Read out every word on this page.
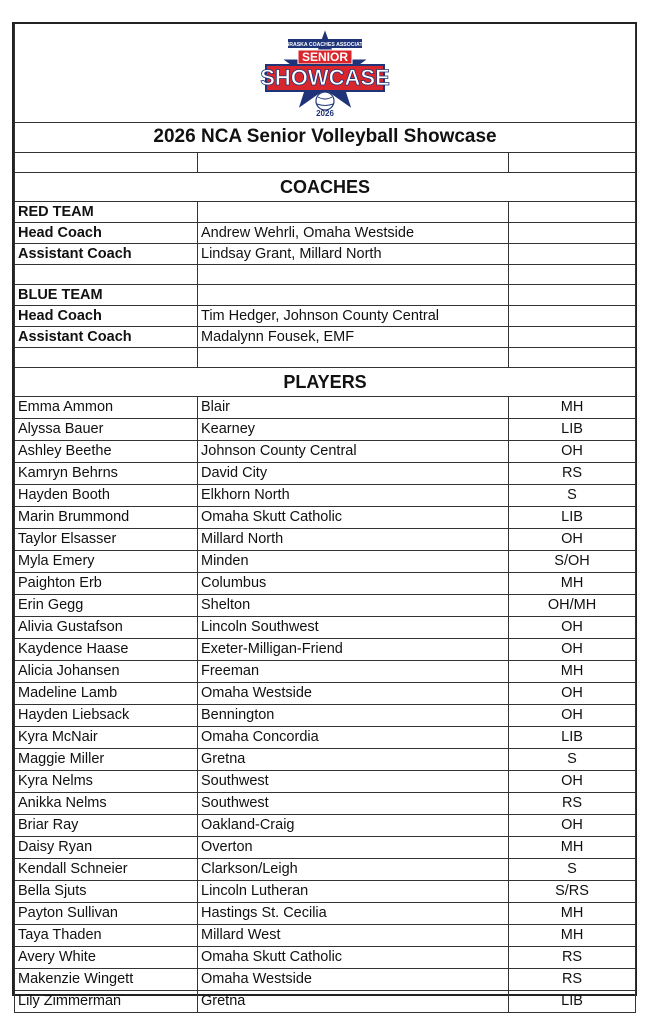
NEBRASKA COACHES ASSOCIATION
SENIOR
SHOWCASE
2026		

2026 NCA Senior Volleyball Showcase		

COACHES		
RED TEAM		
Head Coach	Andrew Wehrli, Omaha Westside	
Assistant Coach	Lindsay Grant, Millard North	

BLUE TEAM		
Head Coach	Tim Hedger, Johnson County Central	
Assistant Coach	Madalynn Fousek, EMF	

PLAYERS		
Emma Ammon	Blair	MH
Alyssa Bauer	Kearney	LIB
Ashley Beethe	Johnson County Central	OH
Kamryn Behrns	David City	RS
Hayden Booth	Elkhorn North	S
Marin Brummond	Omaha Skutt Catholic	LIB
Taylor Elsasser	Millard North	OH
Myla Emery	Minden	S/OH
Paighton Erb	Columbus	MH
Erin Gegg	Shelton	OH/MH
Alivia Gustafson	Lincoln Southwest	OH
Kaydence Haase	Exeter-Milligan-Friend	OH
Alicia Johansen	Freeman	MH
Madeline Lamb	Omaha Westside	OH
Hayden Liebsack	Bennington	OH
Kyra McNair	Omaha Concordia	LIB
Maggie Miller	Gretna	S
Kyra Nelms	Southwest	OH
Anikka Nelms	Southwest	RS
Briar Ray	Oakland-Craig	OH
Daisy Ryan	Overton	MH
Kendall Schneier	Clarkson/Leigh	S
Bella Sjuts	Lincoln Lutheran	S/RS
Payton Sullivan	Hastings St. Cecilia	MH
Taya Thaden	Millard West	MH
Avery White	Omaha Skutt Catholic	RS
Makenzie Wingett	Omaha Westside	RS
Lily Zimmerman	Gretna	LIB
